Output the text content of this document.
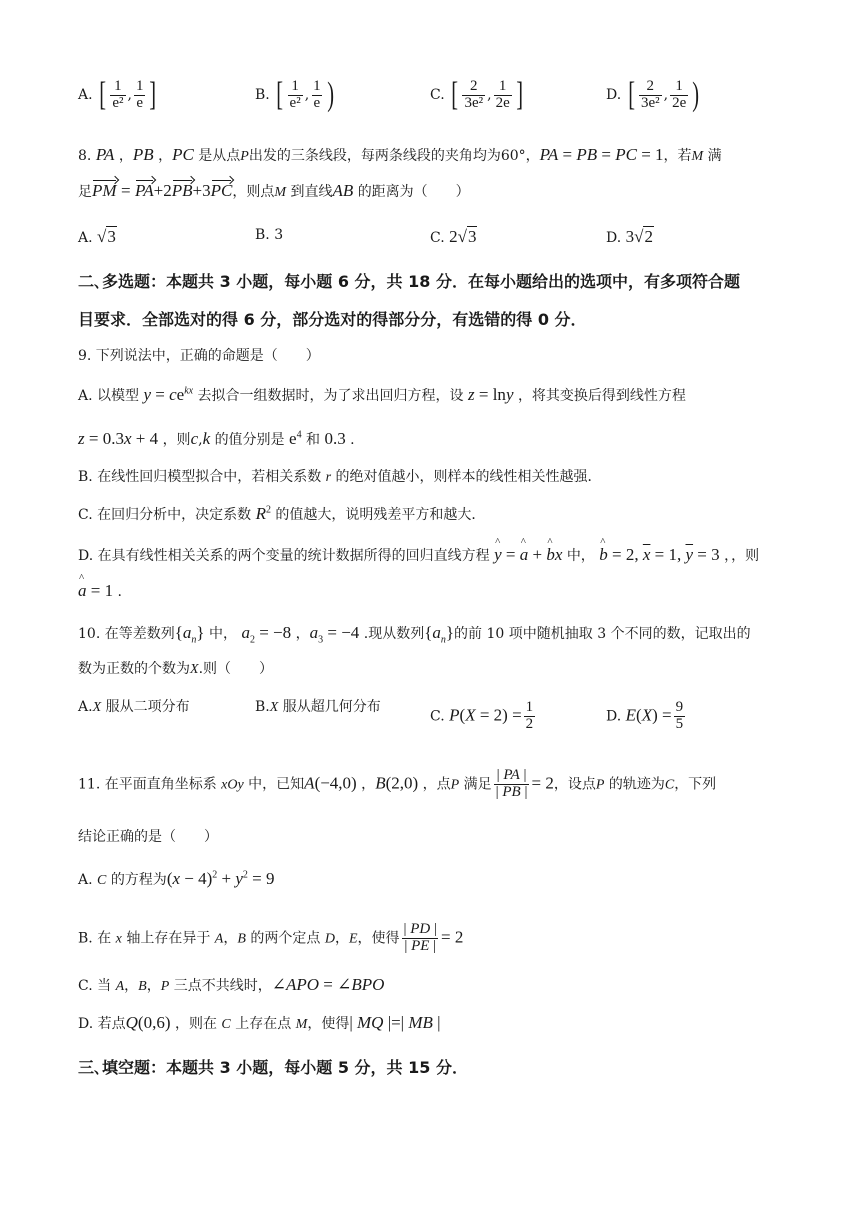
A. [ $\frac{1}{\text{e²}}$ , $\frac{1}{e}$ ]	B. [ $\frac{1}{\text{e²}}$ , $\frac{1}{e}$ )	C. [ $\frac{2}{\text{3e²}}$ , $\frac{1}{2e}$ ]	D. [ $\frac{2}{\text{3e²}}$ , $\frac{1}{2e}$ )
8. PA ，PB ，PC 是从点P出发的三条线段，每两条线段的夹角均为60°，PA = PB = PC = 1，若M 满
足PM = PA+2PB+3PC，则点M 到直线AB 的距离为（　　）
A. √3	B. 3	C. 2√3	D. 3√2
二､多选题：本题共 3 小题，每小题 6 分，共 18 分．在每小题给出的选项中，有多项符合题
目要求．全部选对的得 6 分，部分选对的得部分分，有选错的得 0 分．
9. 下列说法中，正确的命题是（　　）
A. 以模型 $y = ce^{kx}$ 去拟合一组数据时，为了求出回归方程，设 z = lny ，将其变换后得到线性方程
z = 0.3x + 4 ，则c,k 的值分别是 $e^4$ 和 0.3 .
B. 在线性回归模型拟合中，若相关系数 r 的绝对值越小，则样本的线性相关性越强．
C. 在回归分析中，决定系数 $R^2$ 的值越大，说明残差平方和越大．
D. 在具有线性相关关系的两个变量的统计数据所得的回归直线方程 ^ y = ^ a + ^ bx 中， ^ b = 2, $\overline{x} = 1$, $\overline{y} = 3$ ，，则
^ a = 1 .
10. 在等差数列$\{a_n\}$ 中， $a_2 = -8$ ，$a_3 = -4$ .现从数列$\{a_n\}$的前 10 项中随机抽取 3 个不同的数，记取出的
数为正数的个数为X.则（　　）
A.X 服从二项分布	B.X 服从超几何分布
C. $P(X = 2) = \frac{1}{2}$	D. $E(X) = \frac{9}{5}$
11. 在平面直角坐标系 xOy 中，已知A(−4,0) ，B(2,0) ，点P 满足 $\frac{| PA |}{| PB |} = 2$，设点P 的轨迹为C，下列
结论正确的是（　　）
A. C 的方程为$(x - 4)^2 + y^2 = 9$
B. 在 x 轴上存在异于 A，B 的两个定点 D，E，使得 $\frac{| PD |}{| PE |} = 2$
C. 当 A，B，P 三点不共线时，∠APO = ∠BPO
D. 若点Q(0,6) ，则在 C 上存在点 M，使得| MQ |=| MB |
三､填空题：本题共 3 小题，每小题 5 分，共 15 分．
